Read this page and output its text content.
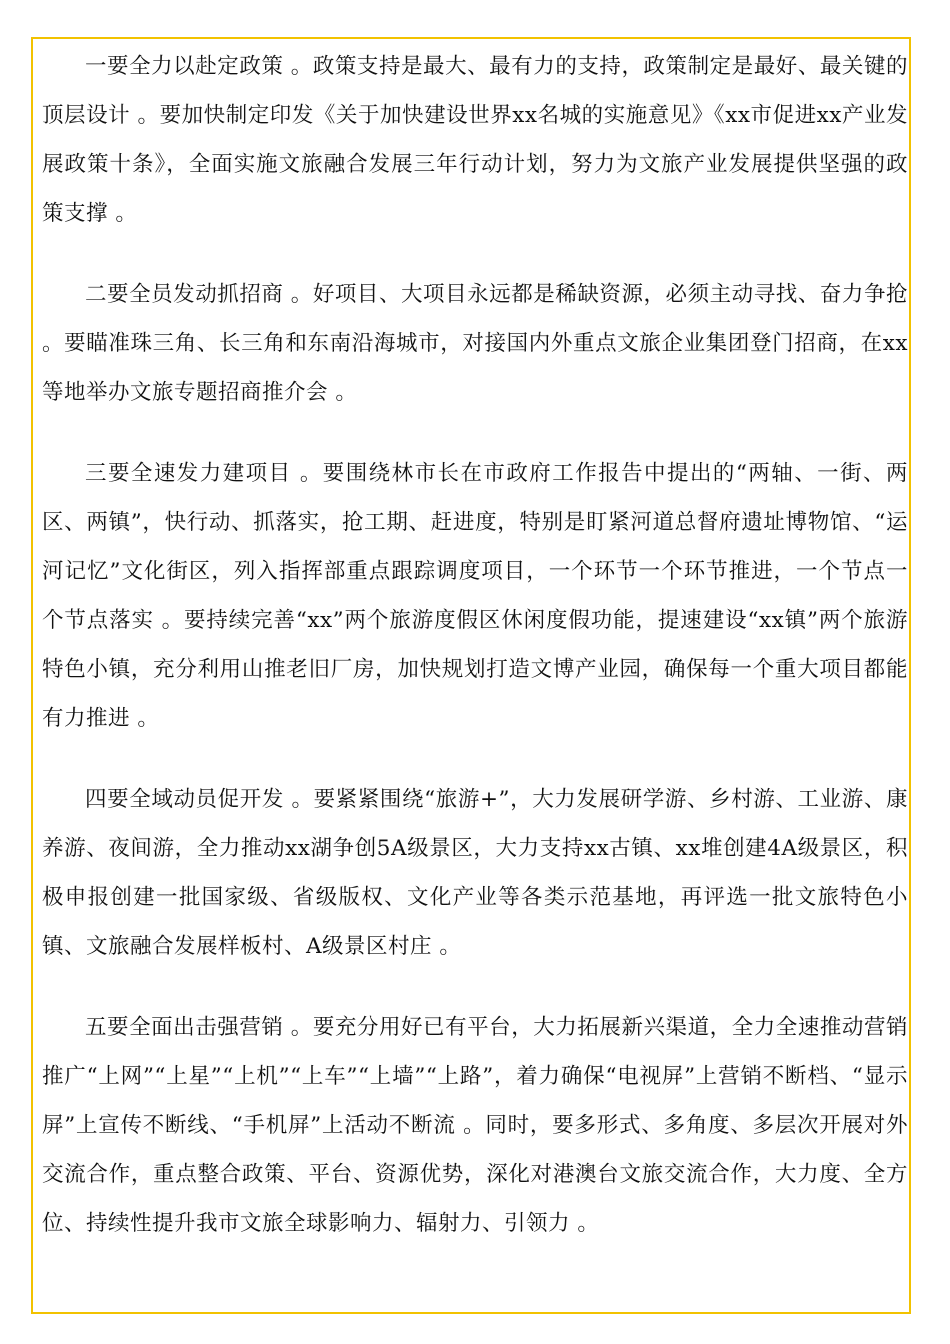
一要全力以赴定政策 。政策支持是最大、最有力的支持，政策制定是最好、最关键的顶层设计 。要加快制定印发《关于加快建设世界xx名城的实施意见》《xx市促进xx产业发展政策十条》，全面实施文旅融合发展三年行动计划，努力为文旅产业发展提供坚强的政策支撑 。

二要全员发动抓招商 。好项目、大项目永远都是稀缺资源，必须主动寻找、奋力争抢 。要瞄准珠三角、长三角和东南沿海城市，对接国内外重点文旅企业集团登门招商，在xx等地举办文旅专题招商推介会 。

三要全速发力建项目 。要围绕林市长在市政府工作报告中提出的“两轴、一街、两区、两镇”，快行动、抓落实，抢工期、赶进度，特别是盯紧河道总督府遗址博物馆、“运河记忆”文化街区，列入指挥部重点跟踪调度项目，一个环节一个环节推进，一个节点一个节点落实 。要持续完善“xx”两个旅游度假区休闲度假功能，提速建设“xx镇”两个旅游特色小镇，充分利用山推老旧厂房，加快规划打造文博产业园，确保每一个重大项目都能有力推进 。

四要全域动员促开发 。要紧紧围绕“旅游+”，大力发展研学游、乡村游、工业游、康养游、夜间游，全力推动xx湖争创5A级景区，大力支持xx古镇、xx堆创建4A级景区，积极申报创建一批国家级、省级版权、文化产业等各类示范基地，再评选一批文旅特色小镇、文旅融合发展样板村、A级景区村庄 。

五要全面出击强营销 。要充分用好已有平台，大力拓展新兴渠道，全力全速推动营销推广“上网”“上星”“上机”“上车”“上墙”“上路”，着力确保“电视屏”上营销不断档、“显示屏”上宣传不断线、“手机屏”上活动不断流 。同时，要多形式、多角度、多层次开展对外交流合作，重点整合政策、平台、资源优势，深化对港澳台文旅交流合作，大力度、全方位、持续性提升我市文旅全球影响力、辐射力、引领力 。
